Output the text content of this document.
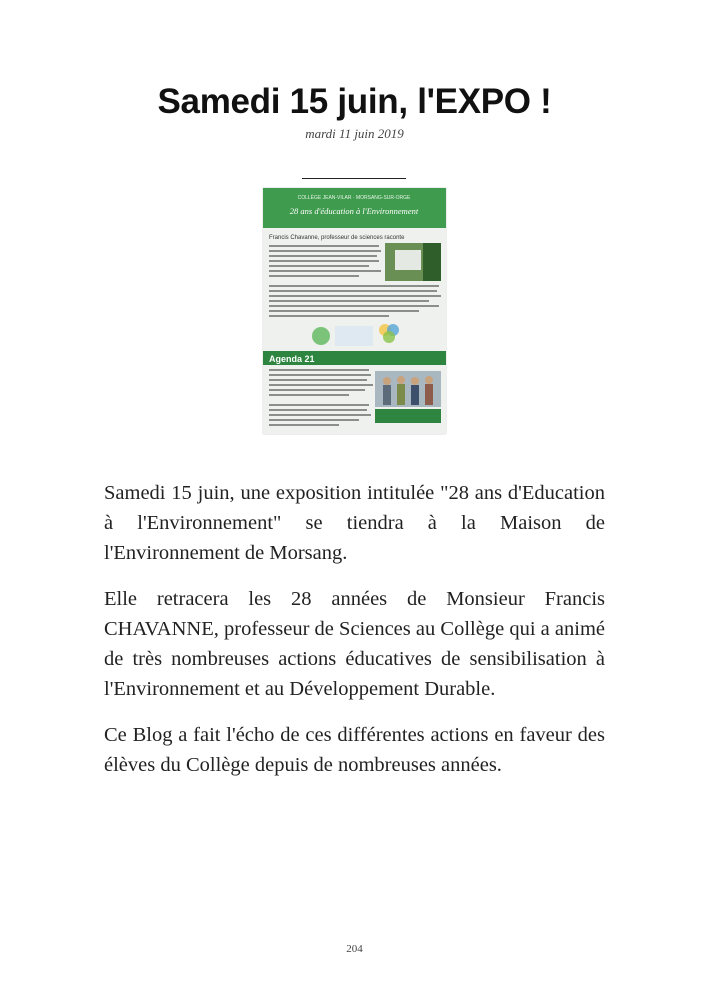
Samedi 15 juin, l'EXPO !
mardi 11 juin 2019
COLLÈGE JEAN-VILAR · MORSANG-SUR-ORGE
28 ans d'éducation à l'Environnement
Francis Chavanne, professeur de sciences raconte
Agenda 21

Samedi 15 juin, une exposition intitulée "28 ans d'Education à l'Environnement" se tiendra à la Maison de l'Environnement de Morsang.

Elle retracera les 28 années de Monsieur Francis CHAVANNE, professeur de Sciences au Collège qui a animé de très nombreuses actions éducatives de sensibilisation à l'Environnement et au Développement Durable.

Ce Blog a fait l'écho de ces différentes actions en faveur des élèves du Collège depuis de nombreuses années.

204
